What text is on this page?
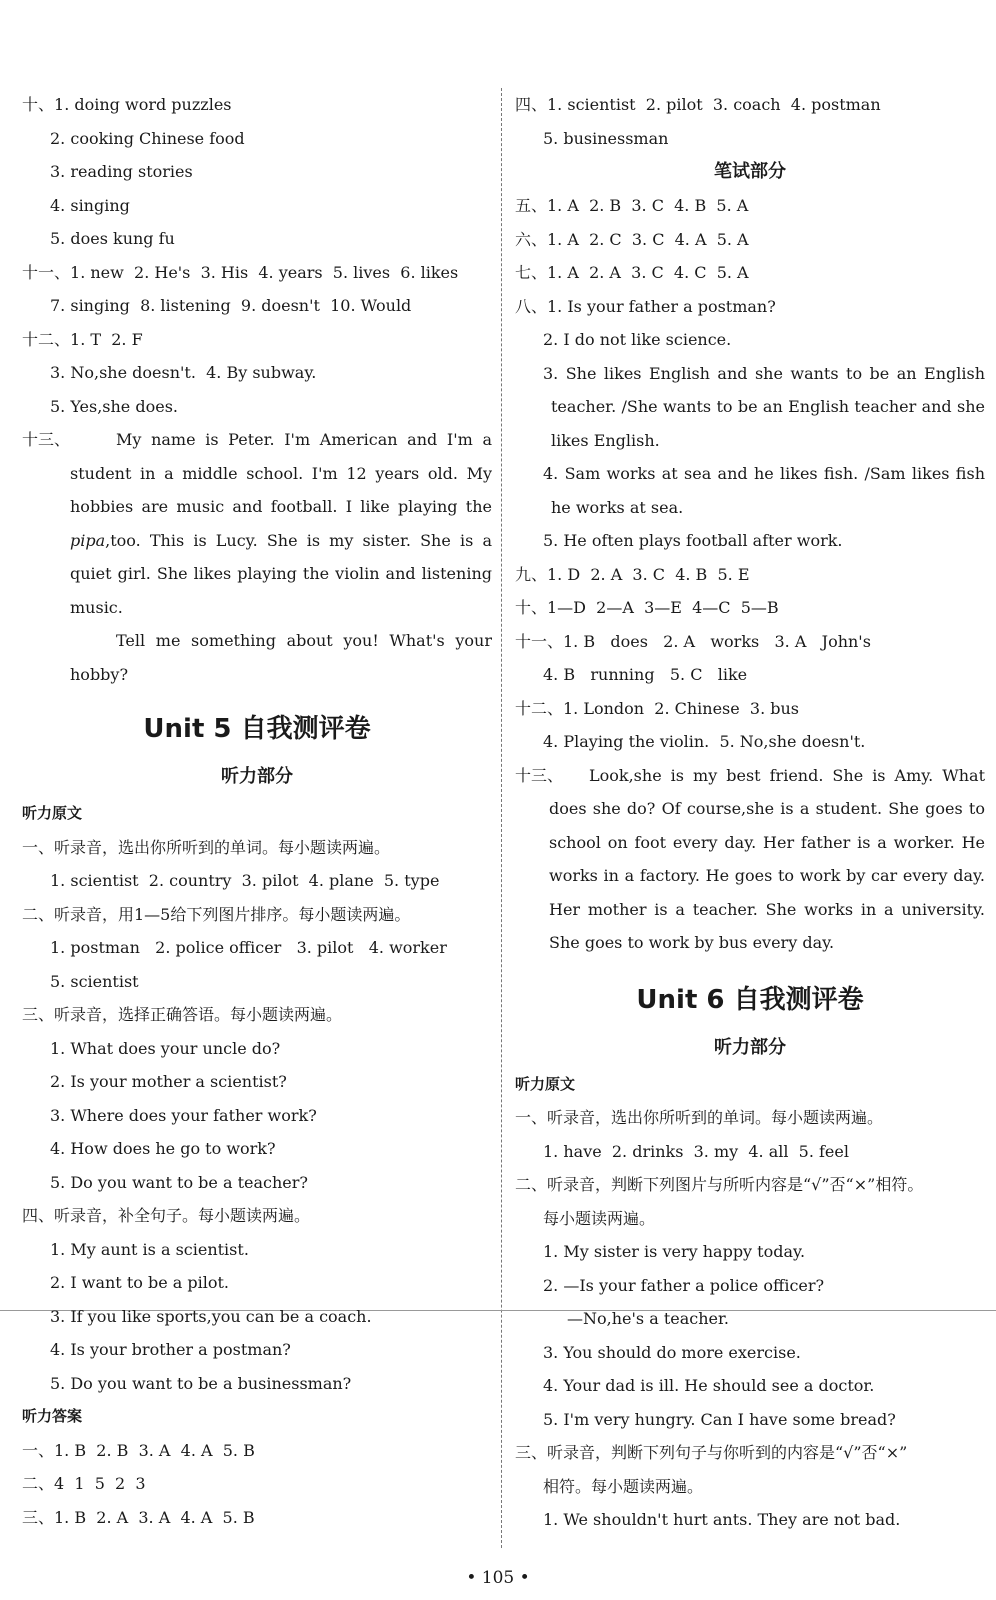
十、1. doing word puzzles
2. cooking Chinese food
3. reading stories
4. singing
5. does kung fu
十一、1. new  2. He's  3. His  4. years  5. lives  6. likes
7. singing  8. listening  9. doesn't  10. Would
十二、1. T  2. F
3. No,she doesn't.  4. By subway.
5. Yes,she does.
十三、	My name is Peter. I'm American and I'm a
student in a middle school. I'm 12 years old. My
hobbies are music and football. I like playing the
pipa,too. This is Lucy. She is my sister. She is a
quiet girl. She likes playing the violin and listening
music.
Tell me something about you! What's your
hobby?
Unit 5 自我测评卷
听力部分
听力原文
一、听录音，选出你所听到的单词。每小题读两遍。
1. scientist  2. country  3. pilot  4. plane  5. type
二、听录音，用1—5给下列图片排序。每小题读两遍。
1. postman   2. police officer   3. pilot   4. worker
5. scientist
三、听录音，选择正确答语。每小题读两遍。
1. What does your uncle do?
2. Is your mother a scientist?
3. Where does your father work?
4. How does he go to work?
5. Do you want to be a teacher?
四、听录音，补全句子。每小题读两遍。
1. My aunt is a scientist.
2. I want to be a pilot.
3. If you like sports,you can be a coach.
4. Is your brother a postman?
5. Do you want to be a businessman?
听力答案
一、1. B  2. B  3. A  4. A  5. B
二、4  1  5  2  3
三、1. B  2. A  3. A  4. A  5. B
四、1. scientist  2. pilot  3. coach  4. postman
5. businessman
笔试部分
五、1. A  2. B  3. C  4. B  5. A
六、1. A  2. C  3. C  4. A  5. A
七、1. A  2. A  3. C  4. C  5. A
八、1. Is your father a postman?
2. I do not like science.
3. She likes English and she wants to be an English
teacher. /She wants to be an English teacher and she
likes English.
4. Sam works at sea and he likes fish. /Sam likes fish
he works at sea.
5. He often plays football after work.
九、1. D  2. A  3. C  4. B  5. E
十、1—D  2—A  3—E  4—C  5—B
十一、1. B   does   2. A   works   3. A   John's
4. B   running   5. C   like
十二、1. London  2. Chinese  3. bus
4. Playing the violin.  5. No,she doesn't.
十三、	Look,she is my best friend. She is Amy. What
does she do? Of course,she is a student. She goes to
school on foot every day. Her father is a worker. He
works in a factory. He goes to work by car every day.
Her mother is a teacher. She works in a university.
She goes to work by bus every day.
Unit 6 自我测评卷
听力部分
听力原文
一、听录音，选出你所听到的单词。每小题读两遍。
1. have  2. drinks  3. my  4. all  5. feel
二、听录音，判断下列图片与所听内容是“√”否“×”相符。
每小题读两遍。
1. My sister is very happy today.
2. —Is your father a police officer?
—No,he's a teacher.
3. You should do more exercise.
4. Your dad is ill. He should see a doctor.
5. I'm very hungry. Can I have some bread?
三、听录音，判断下列句子与你听到的内容是“√”否“×”
相符。每小题读两遍。
1. We shouldn't hurt ants. They are not bad.
• 105 •
